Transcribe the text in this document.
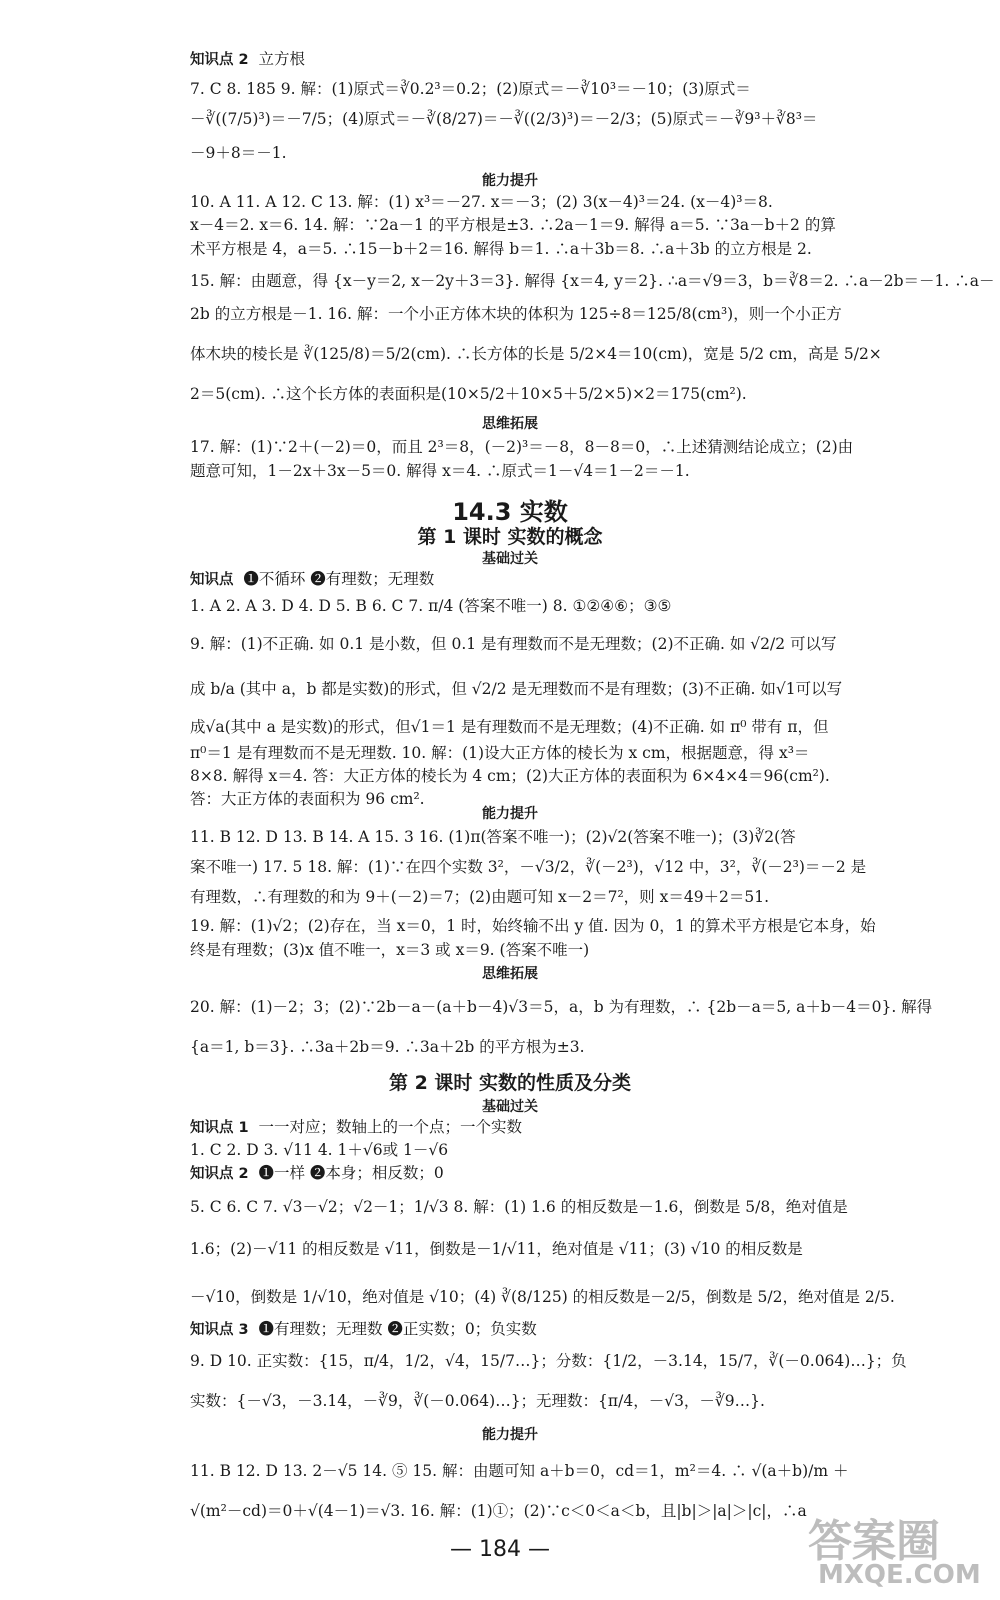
知识点 2 立方根
7. C 8. 185 9. 解：(1)原式＝∛0.2³＝0.2；(2)原式＝－∛10³＝－10；(3)原式＝
－∛((7/5)³)＝－7/5；(4)原式＝－∛(8/27)＝－∛((2/3)³)＝－2/3；(5)原式＝－∛9³＋∛8³＝
－9＋8＝－1.
能力提升
10. A 11. A 12. C 13. 解：(1) x³＝－27. x＝－3；(2) 3(x－4)³＝24. (x－4)³＝8.
x－4＝2. x＝6. 14. 解：∵2a－1 的平方根是±3. ∴2a－1＝9. 解得 a＝5. ∵3a－b＋2 的算
术平方根是 4，a＝5. ∴15－b＋2＝16. 解得 b＝1. ∴a＋3b＝8. ∴a＋3b 的立方根是 2.
15. 解：由题意，得 {x－y＝2, x－2y＋3＝3}. 解得 {x＝4, y＝2}. ∴a＝√9＝3，b＝∛8＝2. ∴a－2b＝－1. ∴a－
2b 的立方根是－1. 16. 解：一个小正方体木块的体积为 125÷8＝125/8(cm³)，则一个小正方
体木块的棱长是 ∛(125/8)＝5/2(cm). ∴长方体的长是 5/2×4＝10(cm)，宽是 5/2 cm，高是 5/2×
2＝5(cm). ∴这个长方体的表面积是(10×5/2＋10×5＋5/2×5)×2＝175(cm²).
思维拓展
17. 解：(1)∵2＋(－2)＝0，而且 2³＝8，(－2)³＝－8，8－8＝0，∴上述猜测结论成立；(2)由
题意可知，1－2x＋3x－5＝0. 解得 x＝4. ∴原式＝1－√4＝1－2＝－1.
14.3 实数
第 1 课时 实数的概念
基础过关
知识点 ❶不循环 ❷有理数；无理数
1. A 2. A 3. D 4. D 5. B 6. C 7. π/4 (答案不唯一) 8. ①②④⑥；③⑤
9. 解：(1)不正确. 如 0.1 是小数，但 0.1 是有理数而不是无理数；(2)不正确. 如 √2/2 可以写
成 b/a (其中 a，b 都是实数)的形式，但 √2/2 是无理数而不是有理数；(3)不正确. 如√1可以写
成√a(其中 a 是实数)的形式，但√1＝1 是有理数而不是无理数；(4)不正确. 如 π⁰ 带有 π，但
π⁰＝1 是有理数而不是无理数. 10. 解：(1)设大正方体的棱长为 x cm，根据题意，得 x³＝
8×8. 解得 x＝4. 答：大正方体的棱长为 4 cm；(2)大正方体的表面积为 6×4×4＝96(cm²).
答：大正方体的表面积为 96 cm².
能力提升
11. B 12. D 13. B 14. A 15. 3 16. (1)π(答案不唯一)；(2)√2(答案不唯一)；(3)∛2(答
案不唯一) 17. 5 18. 解：(1)∵在四个实数 3²，－√3/2，∛(－2³)，√12 中，3²，∛(－2³)＝－2 是
有理数，∴有理数的和为 9＋(－2)＝7；(2)由题可知 x－2＝7²，则 x＝49＋2＝51.
19. 解：(1)√2；(2)存在，当 x＝0，1 时，始终输不出 y 值. 因为 0，1 的算术平方根是它本身，始
终是有理数；(3)x 值不唯一，x＝3 或 x＝9. (答案不唯一)
思维拓展
20. 解：(1)－2；3；(2)∵2b－a－(a＋b－4)√3＝5，a，b 为有理数，∴ {2b－a＝5, a＋b－4＝0}. 解得
{a＝1, b＝3}. ∴3a＋2b＝9. ∴3a＋2b 的平方根为±3.
第 2 课时 实数的性质及分类
基础过关
知识点 1 一一对应；数轴上的一个点；一个实数
1. C 2. D 3. √11 4. 1＋√6或 1－√6
知识点 2 ❶一样 ❷本身；相反数；0
5. C 6. C 7. √3－√2；√2－1；1/√3 8. 解：(1) 1.6 的相反数是－1.6，倒数是 5/8，绝对值是
1.6；(2)－√11 的相反数是 √11，倒数是－1/√11，绝对值是 √11；(3) √10 的相反数是
－√10，倒数是 1/√10，绝对值是 √10；(4) ∛(8/125) 的相反数是－2/5，倒数是 5/2，绝对值是 2/5.
知识点 3 ❶有理数；无理数 ❷正实数；0；负实数
9. D 10. 正实数：{15，π/4，1/2，√4，15/7…}；分数：{1/2，－3.14，15/7，∛(－0.064)…}；负
实数：{－√3，－3.14，－∛9，∛(－0.064)…}；无理数：{π/4，－√3，－∛9…}.
能力提升
11. B 12. D 13. 2－√5 14. ⑤ 15. 解：由题可知 a＋b＝0，cd＝1，m²＝4. ∴ √(a＋b)/m ＋
√(m²－cd)＝0＋√(4－1)＝√3. 16. 解：(1)①；(2)∵c＜0＜a＜b，且|b|＞|a|＞|c|，∴a
— 184 —	答案圈
MXQE.COM
